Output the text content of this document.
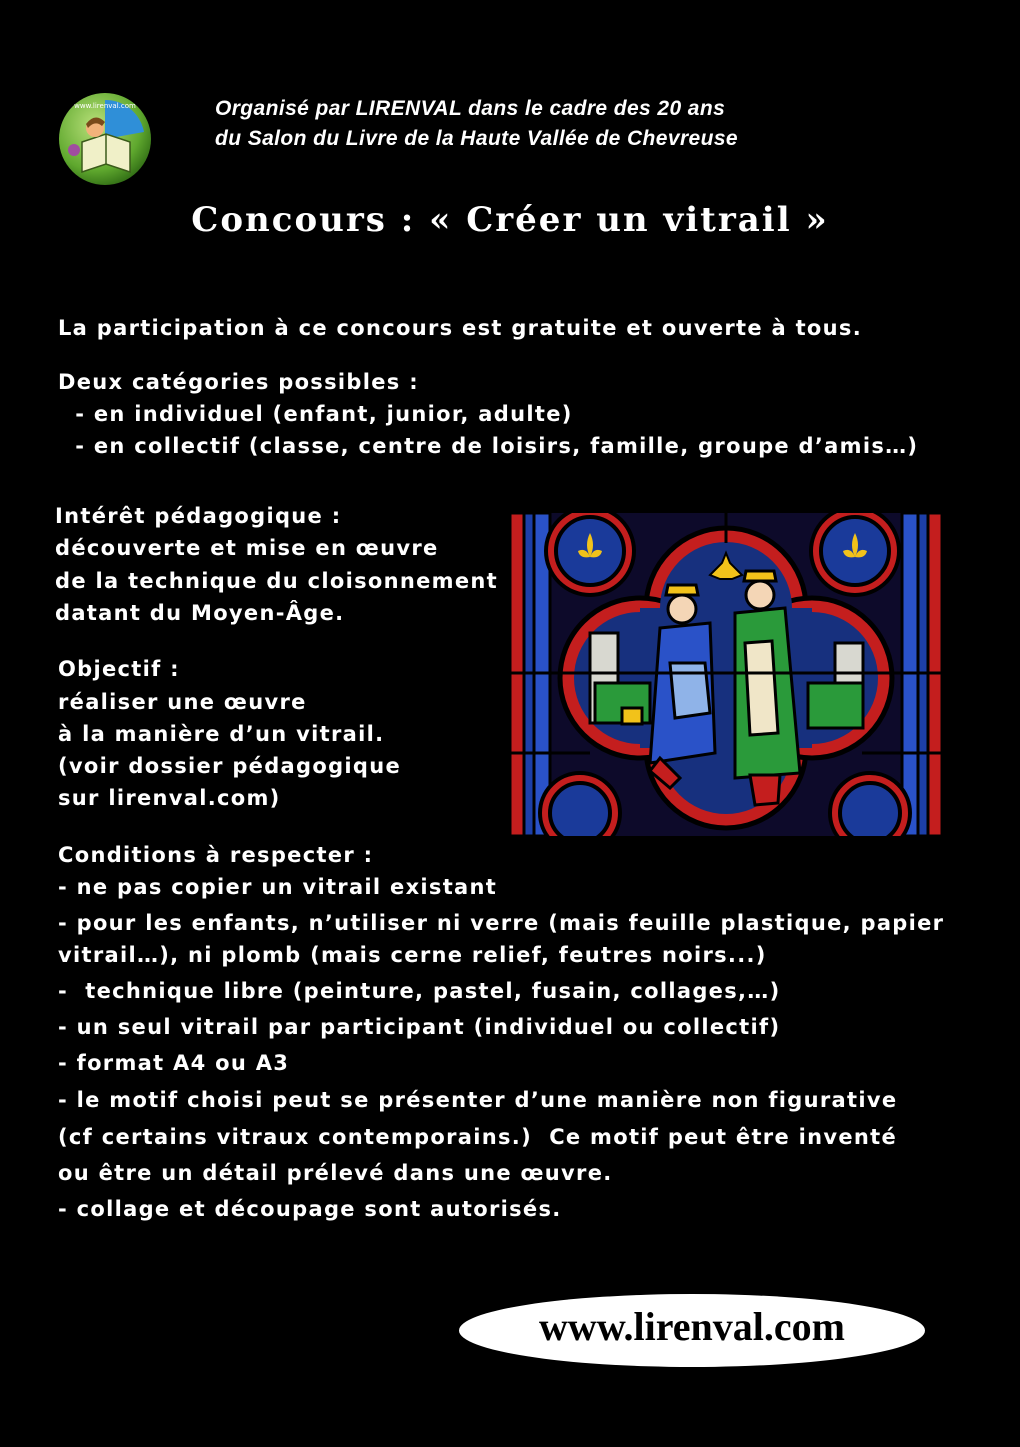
www.lirenval.com	Organisé par LIRENVAL dans le cadre des 20 ans
du Salon du Livre de la Haute Vallée de Chevreuse
Concours : « Créer un vitrail »
La participation à ce concours est gratuite et ouverte à tous.
Deux catégories possibles :
- en individuel (enfant, junior, adulte)
- en collectif (classe, centre de loisirs, famille, groupe d’amis…)
Intérêt pédagogique :
découverte et mise en œuvre
de la technique du cloisonnement
datant du Moyen-Âge.
Objectif :
réaliser une œuvre
à la manière d’un vitrail.
(voir dossier pédagogique
sur lirenval.com)
Conditions à respecter :
- ne pas copier un vitrail existant
- pour les enfants, n’utiliser ni verre (mais feuille plastique, papier
vitrail…), ni plomb (mais cerne relief, feutres noirs...)
-  technique libre (peinture, pastel, fusain, collages,…)
- un seul vitrail par participant (individuel ou collectif)
- format A4 ou A3
- le motif choisi peut se présenter d’une manière non figurative
(cf certains vitraux contemporains.)  Ce motif peut être inventé
ou être un détail prélevé dans une œuvre.
- collage et découpage sont autorisés.
www.lirenval.com
